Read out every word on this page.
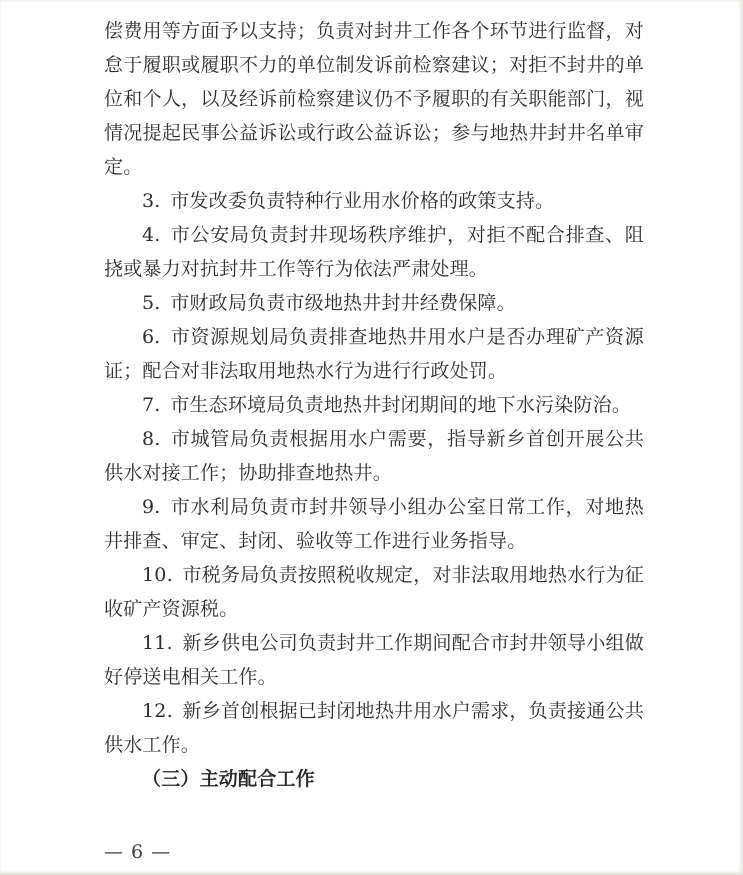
偿费用等方面予以支持；负责对封井工作各个环节进行监督，对怠于履职或履职不力的单位制发诉前检察建议；对拒不封井的单位和个人，以及经诉前检察建议仍不予履职的有关职能部门，视情况提起民事公益诉讼或行政公益诉讼；参与地热井封井名单审定。

3. 市发改委负责特种行业用水价格的政策支持。

4. 市公安局负责封井现场秩序维护，对拒不配合排查、阻挠或暴力对抗封井工作等行为依法严肃处理。

5. 市财政局负责市级地热井封井经费保障。

6. 市资源规划局负责排查地热井用水户是否办理矿产资源证；配合对非法取用地热水行为进行行政处罚。

7. 市生态环境局负责地热井封闭期间的地下水污染防治。

8. 市城管局负责根据用水户需要，指导新乡首创开展公共供水对接工作；协助排查地热井。

9. 市水利局负责市封井领导小组办公室日常工作，对地热井排查、审定、封闭、验收等工作进行业务指导。

10. 市税务局负责按照税收规定，对非法取用地热水行为征收矿产资源税。

11. 新乡供电公司负责封井工作期间配合市封井领导小组做好停送电相关工作。

12. 新乡首创根据已封闭地热井用水户需求，负责接通公共供水工作。

（三）主动配合工作

— 6 —
